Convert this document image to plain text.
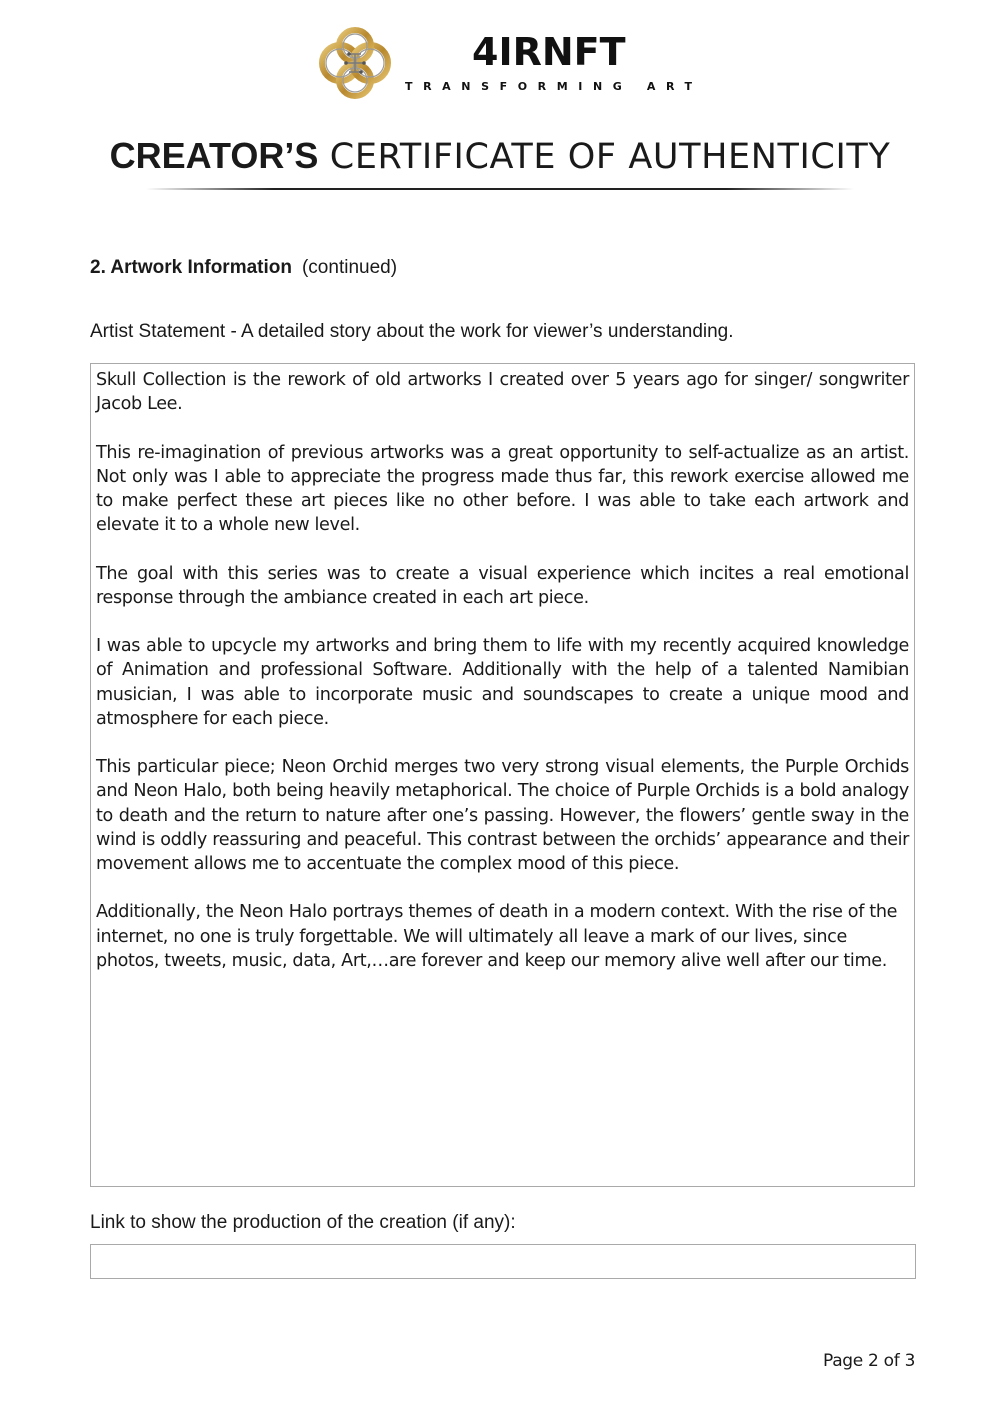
4IRNFT
TRANSFORMING ART
CREATOR’S CERTIFICATE OF AUTHENTICITY
2. Artwork Information (continued)
Artist Statement - A detailed story about the work for viewer’s understanding.

Skull Collection is the rework of old artworks I created over 5 years ago for singer/ songwriter Jacob Lee.

This re-imagination of previous artworks was a great opportunity to self-actualize as an artist. Not only was I able to appreciate the progress made thus far, this rework exercise allowed me to make perfect these art pieces like no other before. I was able to take each artwork and elevate it to a whole new level.

The goal with this series was to create a visual experience which incites a real emotional response through the ambiance created in each art piece.

I was able to upcycle my artworks and bring them to life with my recently acquired knowledge of Animation and professional Software. Additionally with the help of a talented Namibian musician, I was able to incorporate music and soundscapes to create a unique mood and atmosphere for each piece.

This particular piece; Neon Orchid merges two very strong visual elements, the Purple Orchids and Neon Halo, both being heavily metaphorical. The choice of Purple Orchids is a bold analogy to death and the return to nature after one’s passing. However, the flowers’ gentle sway in the wind is oddly reassuring and peaceful. This contrast between the orchids’ appearance and their movement allows me to accentuate the complex mood of this piece.

Additionally, the Neon Halo portrays themes of death in a modern context. With the rise of the internet, no one is truly forgettable. We will ultimately all leave a mark of our lives, since photos, tweets, music, data, Art,…are forever and keep our memory alive well after our time.

Link to show the production of the creation (if any):
Page 2 of 3
